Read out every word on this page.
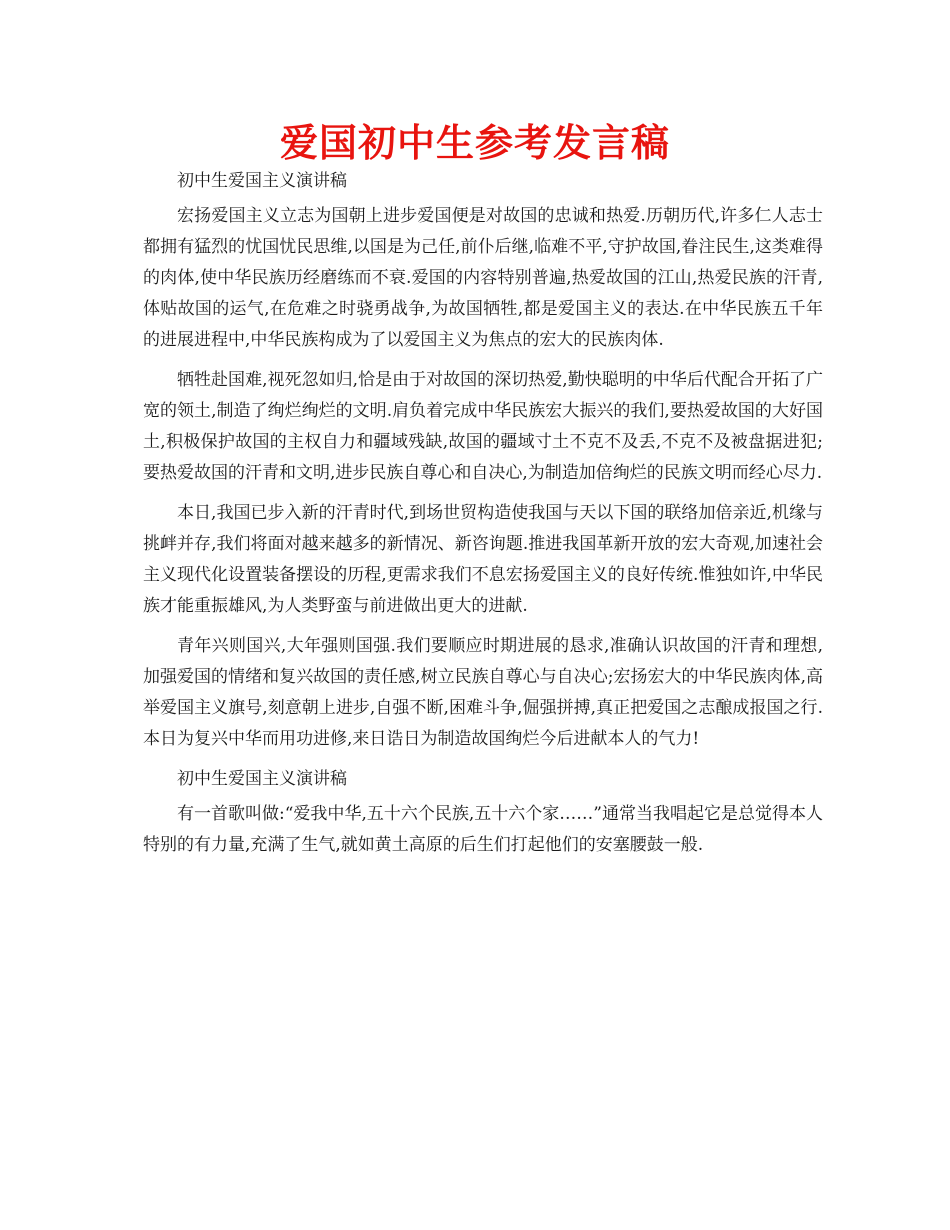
爱国初中生参考发言稿

初中生爱国主义演讲稿

宏扬爱国主义立志为国朝上进步爱国便是对故国的忠诚和热爱.历朝历代,许多仁人志士都拥有猛烈的忧国忧民思维,以国是为己任,前仆后继,临难不平,守护故国,眷注民生,这类难得的肉体,使中华民族历经磨练而不衰.爱国的内容特别普遍,热爱故国的江山,热爱民族的汗青,体贴故国的运气,在危难之时骁勇战争,为故国牺牲,都是爱国主义的表达.在中华民族五千年的进展进程中,中华民族构成为了以爱国主义为焦点的宏大的民族肉体.

牺牲赴国难,视死忽如归,恰是由于对故国的深切热爱,勤快聪明的中华后代配合开拓了广宽的领土,制造了绚烂绚烂的文明.肩负着完成中华民族宏大振兴的我们,要热爱故国的大好国土,积极保护故国的主权自力和疆域残缺,故国的疆域寸土不克不及丢,不克不及被盘据进犯;要热爱故国的汗青和文明,进步民族自尊心和自决心,为制造加倍绚烂的民族文明而经心尽力.

本日,我国已步入新的汗青时代,到场世贸构造使我国与天以下国的联络加倍亲近,机缘与挑衅并存,我们将面对越来越多的新情况、新咨询题.推进我国革新开放的宏大奇观,加速社会主义现代化设置装备摆设的历程,更需求我们不息宏扬爱国主义的良好传统.惟独如许,中华民族才能重振雄风,为人类野蛮与前进做出更大的进献.

青年兴则国兴,大年强则国强.我们要顺应时期进展的恳求,准确认识故国的汗青和理想,加强爱国的情绪和复兴故国的责任感,树立民族自尊心与自决心;宏扬宏大的中华民族肉体,高举爱国主义旗号,刻意朝上进步,自强不断,困难斗争,倔强拼搏,真正把爱国之志酿成报国之行.本日为复兴中华而用功进修,来日诰日为制造故国绚烂今后进献本人的气力!

初中生爱国主义演讲稿

有一首歌叫做:“爱我中华,五十六个民族,五十六个家……”通常当我唱起它是总觉得本人特别的有力量,充满了生气,就如黄土高原的后生们打起他们的安塞腰鼓一般.
